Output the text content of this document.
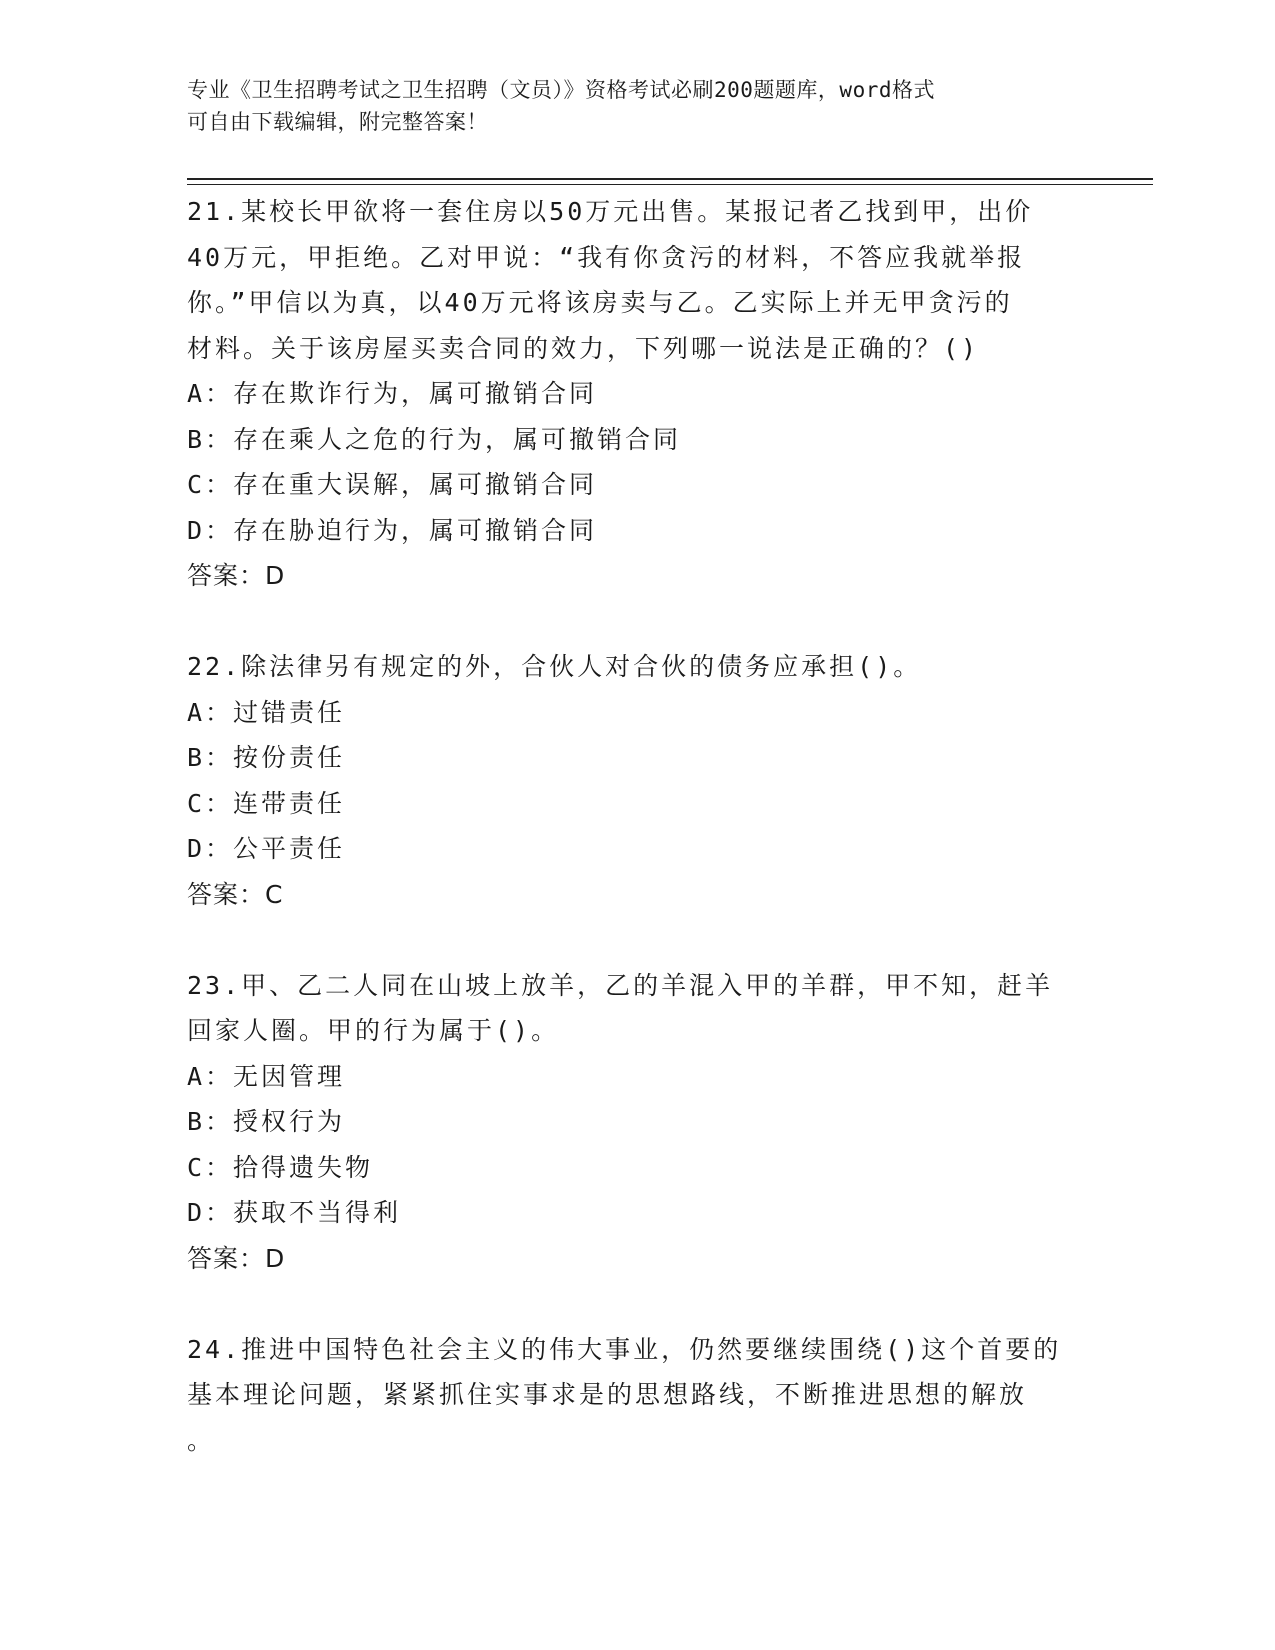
专业《卫生招聘考试之卫生招聘（文员）》资格考试必刷200题题库，word格式
可自由下载编辑，附完整答案！
21.某校长甲欲将一套住房以50万元出售。某报记者乙找到甲，出价
40万元，甲拒绝。乙对甲说：“我有你贪污的材料，不答应我就举报
你。”甲信以为真，以40万元将该房卖与乙。乙实际上并无甲贪污的
材料。关于该房屋买卖合同的效力，下列哪一说法是正确的？()
A：存在欺诈行为，属可撤销合同
B：存在乘人之危的行为，属可撤销合同
C：存在重大误解，属可撤销合同
D：存在胁迫行为，属可撤销合同
答案：D
22.除法律另有规定的外，合伙人对合伙的债务应承担()。
A：过错责任
B：按份责任
C：连带责任
D：公平责任
答案：C
23.甲、乙二人同在山坡上放羊，乙的羊混入甲的羊群，甲不知，赶羊
回家人圈。甲的行为属于()。
A：无因管理
B：授权行为
C：拾得遗失物
D：获取不当得利
答案：D
24.推进中国特色社会主义的伟大事业，仍然要继续围绕()这个首要的
基本理论问题，紧紧抓住实事求是的思想路线，不断推进思想的解放
。
